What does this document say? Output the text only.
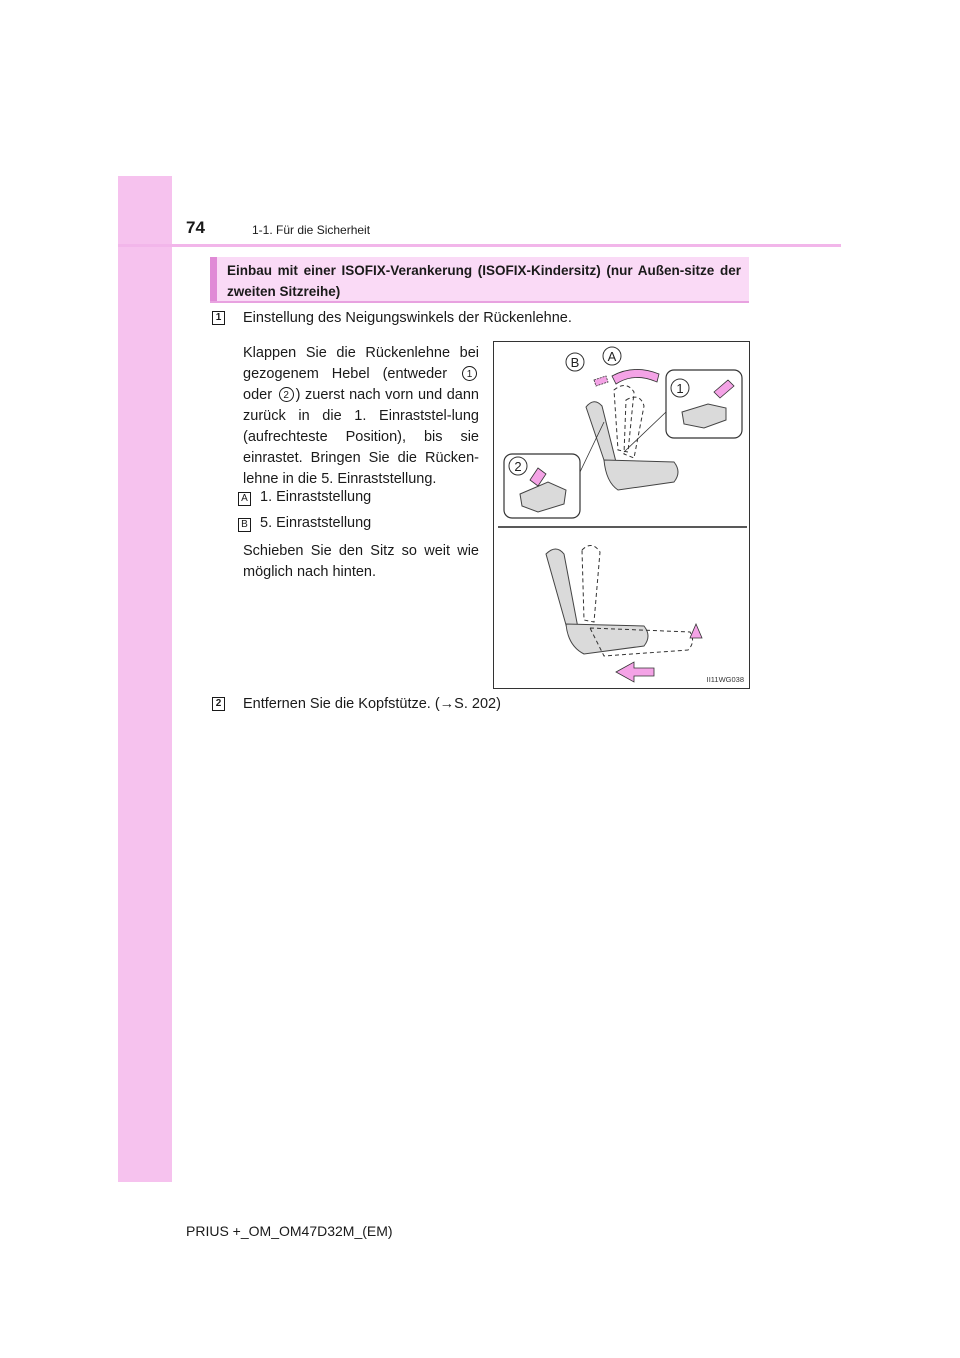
74	1-1. Für die Sicherheit
Einbau mit einer ISOFIX-Verankerung (ISOFIX-Kindersitz) (nur Außen-sitze der zweiten Sitzreihe)
1 Einstellung des Neigungswinkels der Rückenlehne.
Klappen Sie die Rückenlehne bei gezogenem Hebel (entweder 1 oder 2 ) zuerst nach vorn und dann zurück in die 1. Einraststel-lung (aufrechteste Position), bis sie einrastet. Bringen Sie die Rücken-lehne in die 5. Einraststellung.
A 1. Einraststellung
B 5. Einraststellung
Schieben Sie den Sitz so weit wie möglich nach hinten.
B A
1
2
II11WG038
2 Entfernen Sie die Kopfstütze. (→S. 202)
PRIUS +_OM_OM47D32M_(EM)
